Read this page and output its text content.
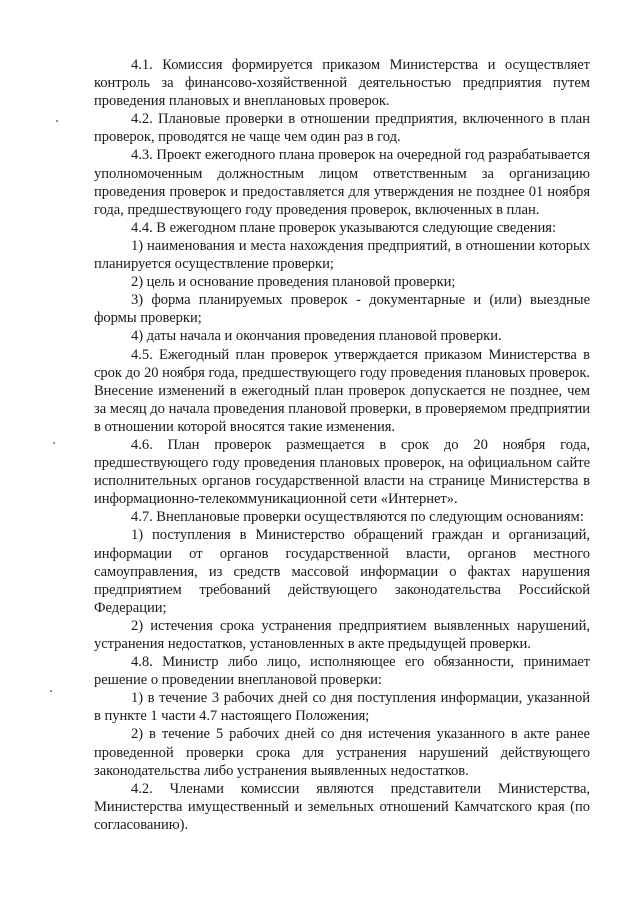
4.1. Комиссия формируется приказом Министерства и осуществляет контроль за финансово-хозяйственной деятельностью предприятия путем проведения плановых и внеплановых проверок.

4.2. Плановые проверки в отношении предприятия, включенного в план проверок, проводятся не чаще чем один раз в год.

4.3. Проект ежегодного плана проверок на очередной год разрабатывается уполномоченным должностным лицом ответственным за организацию проведения проверок и предоставляется для утверждения не позднее 01 ноября года, предшествующего году проведения проверок, включенных в план.

4.4. В ежегодном плане проверок указываются следующие сведения:

1) наименования и места нахождения предприятий, в отношении которых планируется осуществление проверки;

2) цель и основание проведения плановой проверки;

3) форма планируемых проверок - документарные и (или) выездные формы проверки;

4) даты начала и окончания проведения плановой проверки.

4.5. Ежегодный план проверок утверждается приказом Министерства в срок до 20 ноября года, предшествующего году проведения плановых проверок. Внесение изменений в ежегодный план проверок допускается не позднее, чем за месяц до начала проведения плановой проверки, в проверяемом предприятии в отношении которой вносятся такие изменения.

4.6. План проверок размещается в срок до 20 ноября года, предшествующего году проведения плановых проверок, на официальном сайте исполнительных органов государственной власти на странице Министерства в информационно-телекоммуникационной сети «Интернет».

4.7. Внеплановые проверки осуществляются по следующим основаниям:

1) поступления в Министерство обращений граждан и организаций, информации от органов государственной власти, органов местного самоуправления, из средств массовой информации о фактах нарушения предприятием требований действующего законодательства Российской Федерации;

2) истечения срока устранения предприятием выявленных нарушений, устранения недостатков, установленных в акте предыдущей проверки.

4.8. Министр либо лицо, исполняющее его обязанности, принимает решение о проведении внеплановой проверки:

1) в течение 3 рабочих дней со дня поступления информации, указанной в пункте 1 части 4.7 настоящего Положения;

2) в течение 5 рабочих дней со дня истечения указанного в акте ранее проведенной проверки срока для устранения нарушений действующего законодательства либо устранения выявленных недостатков.

4.2. Членами комиссии являются представители Министерства, Министерства имущественный и земельных отношений Камчатского края (по согласованию).
